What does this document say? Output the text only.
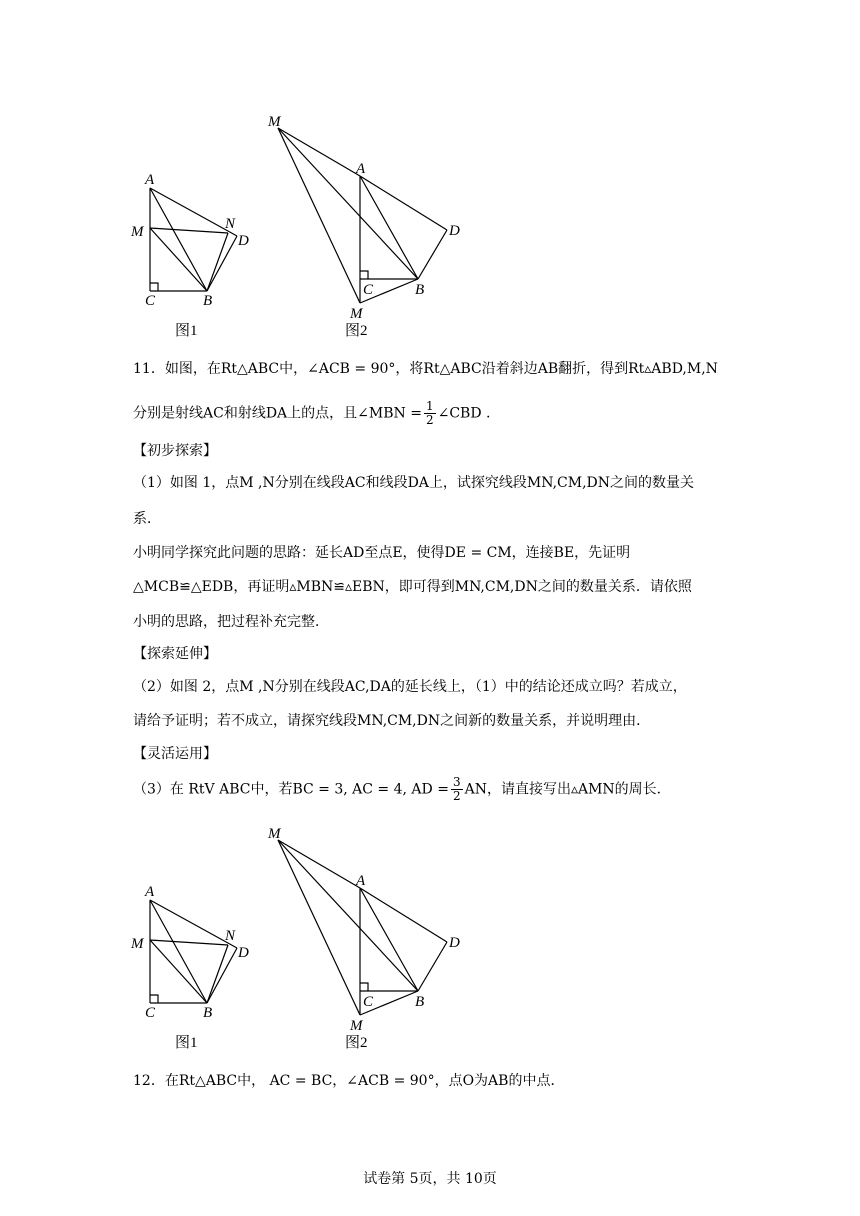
A
M	N
D
C	B
图1
M
A
D
C	B
M
图2
11．如图，在Rt△ABC中，∠ACB = 90°，将Rt△ABC沿着斜边AB翻折，得到Rt▵ABD,M,N
分别是射线AC和射线DA上的点，且∠MBN = $\frac{1}{2}$ ∠CBD .
【初步探索】
（1）如图 1，点M ,N分别在线段AC和线段DA上，试探究线段MN,CM,DN之间的数量关
系．
小明同学探究此问题的思路：延长AD至点E，使得DE = CM，连接BE，先证明
△MCB≌△EDB，再证明▵MBN≌▵EBN，即可得到MN,CM,DN之间的数量关系．请依照
小明的思路，把过程补充完整．
【探索延伸】
（2）如图 2，点M ,N分别在线段AC,DA的延长线上，（1）中的结论还成立吗？若成立，
请给予证明；若不成立，请探究线段MN,CM,DN之间新的数量关系，并说明理由．
【灵活运用】
（3）在 RtV ABC中，若BC = 3, AC = 4, AD = $\frac{3}{2}$ AN，请直接写出▵AMN的周长．
A
M	N
D
C	B
图1
M
A
D
C	B
M
图2
12．在Rt△ABC中， AC = BC，∠ACB = 90°，点O为AB的中点．
试卷第 5页，共 10页
